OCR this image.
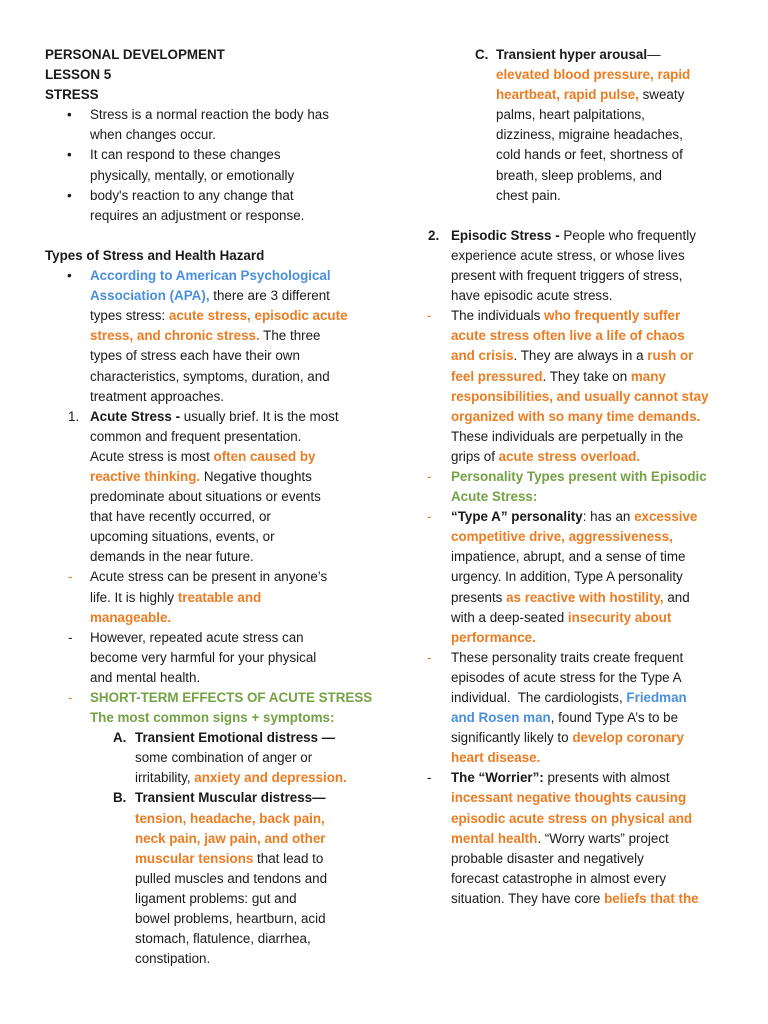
PERSONAL DEVELOPMENT
LESSON 5
STRESS
• Stress is a normal reaction the body has
when changes occur.
• It can respond to these changes
physically, mentally, or emotionally
• body's reaction to any change that
requires an adjustment or response.
Types of Stress and Health Hazard
• According to American Psychological
Association (APA), there are 3 different
types stress: acute stress, episodic acute
stress, and chronic stress. The three
types of stress each have their own
characteristics, symptoms, duration, and
treatment approaches.
1. Acute Stress - usually brief. It is the most
common and frequent presentation.
Acute stress is most often caused by
reactive thinking. Negative thoughts
predominate about situations or events
that have recently occurred, or
upcoming situations, events, or
demands in the near future.
- Acute stress can be present in anyone’s
life. It is highly treatable and
manageable.
- However, repeated acute stress can
become very harmful for your physical
and mental health.
- SHORT-TERM EFFECTS OF ACUTE STRESS
The most common signs + symptoms:
A. Transient Emotional distress —
some combination of anger or
irritability, anxiety and depression.
B. Transient Muscular distress—
tension, headache, back pain,
neck pain, jaw pain, and other
muscular tensions that lead to
pulled muscles and tendons and
ligament problems: gut and
bowel problems, heartburn, acid
stomach, flatulence, diarrhea,
constipation.
C. Transient hyper arousal—
elevated blood pressure, rapid
heartbeat, rapid pulse, sweaty
palms, heart palpitations,
dizziness, migraine headaches,
cold hands or feet, shortness of
breath, sleep problems, and
chest pain.
2. Episodic Stress - People who frequently
experience acute stress, or whose lives
present with frequent triggers of stress,
have episodic acute stress.
- The individuals who frequently suffer
acute stress often live a life of chaos
and crisis. They are always in a rush or
feel pressured. They take on many
responsibilities, and usually cannot stay
organized with so many time demands.
These individuals are perpetually in the
grips of acute stress overload.
- Personality Types present with Episodic
Acute Stress:
- “Type A” personality: has an excessive
competitive drive, aggressiveness,
impatience, abrupt, and a sense of time
urgency. In addition, Type A personality
presents as reactive with hostility, and
with a deep-seated insecurity about
performance.
- These personality traits create frequent
episodes of acute stress for the Type A
individual.  The cardiologists, Friedman
and Rosen man, found Type A’s to be
significantly likely to develop coronary
heart disease.
- The “Worrier”: presents with almost
incessant negative thoughts causing
episodic acute stress on physical and
mental health. “Worry warts” project
probable disaster and negatively
forecast catastrophe in almost every
situation. They have core beliefs that the
